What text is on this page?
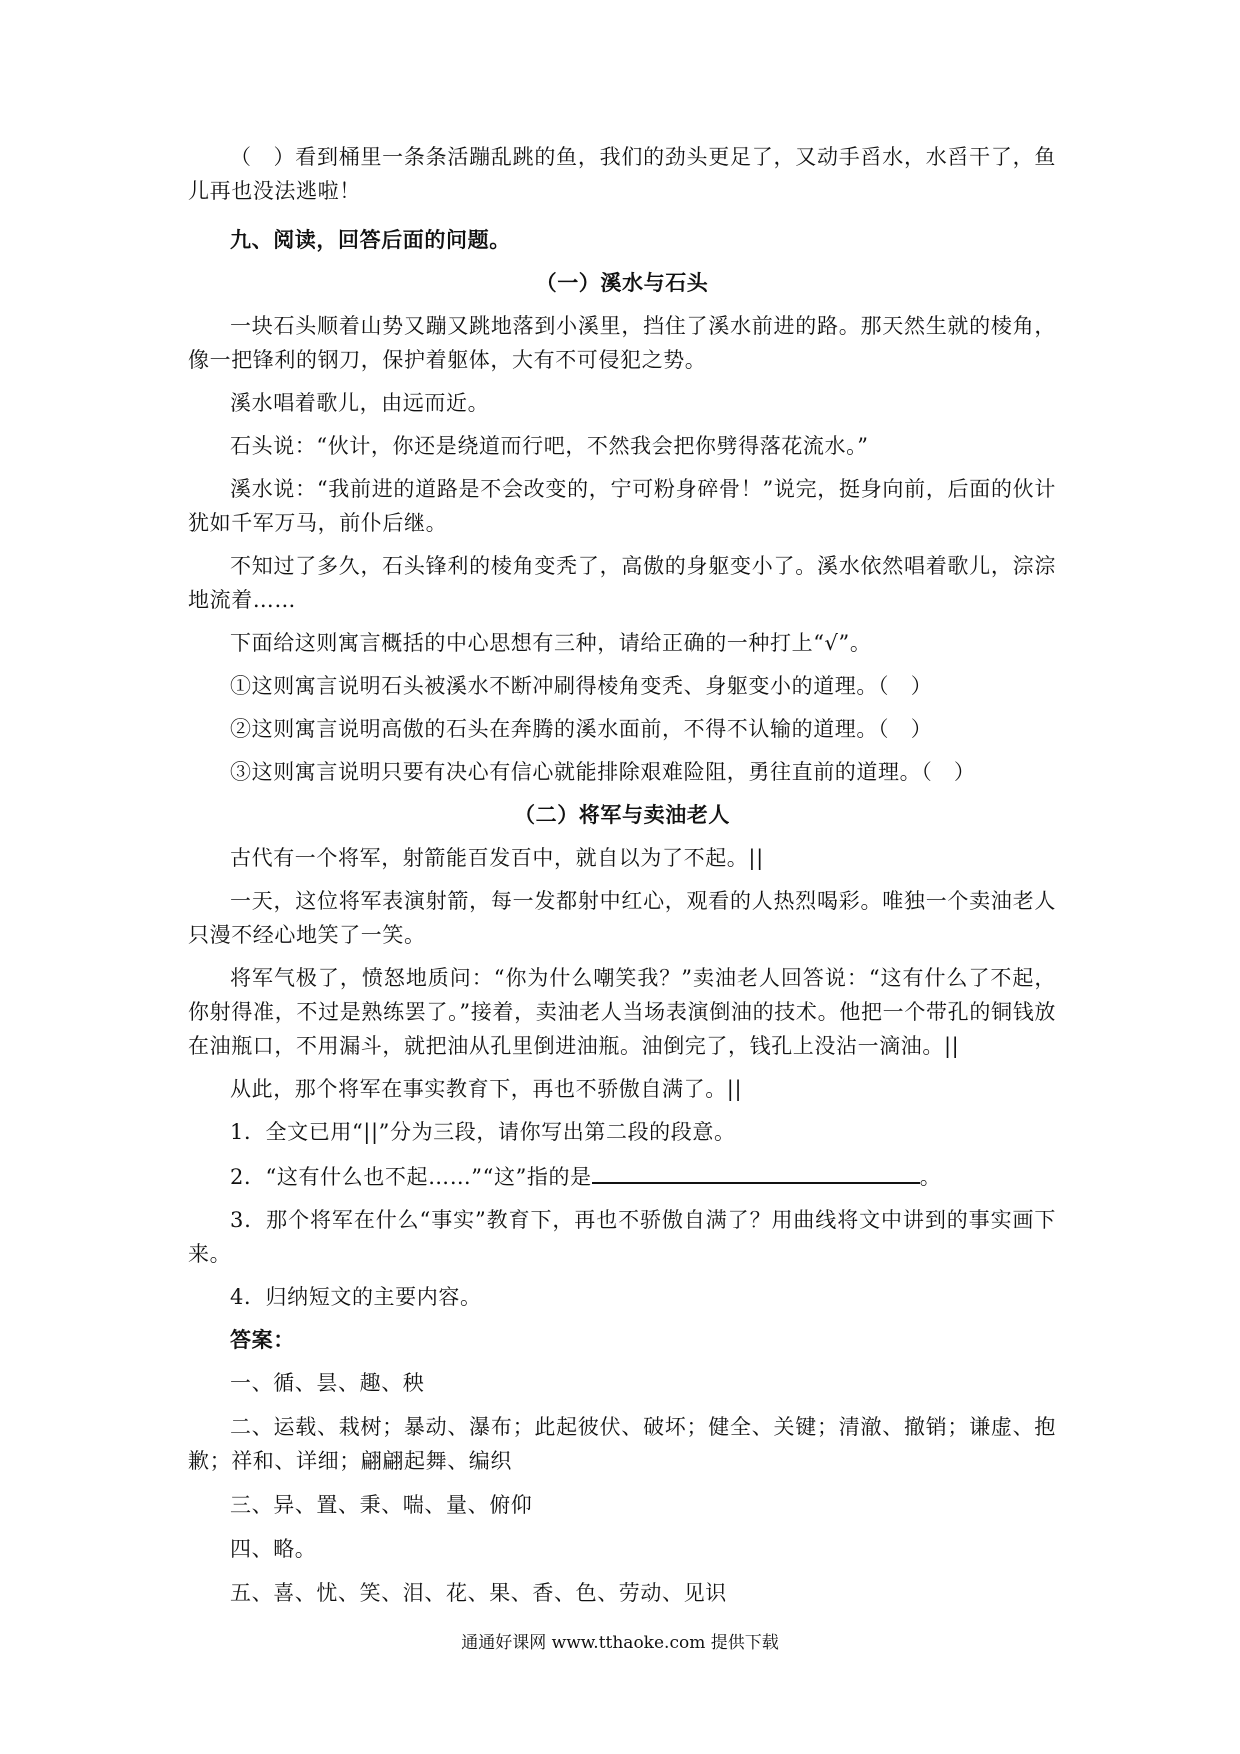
（　）看到桶里一条条活蹦乱跳的鱼，我们的劲头更足了，又动手舀水，水舀干了，鱼儿再也没法逃啦！

九、阅读，回答后面的问题。

（一）溪水与石头

一块石头顺着山势又蹦又跳地落到小溪里，挡住了溪水前进的路。那天然生就的棱角，像一把锋利的钢刀，保护着躯体，大有不可侵犯之势。

溪水唱着歌儿，由远而近。

石头说：“伙计，你还是绕道而行吧，不然我会把你劈得落花流水。”

溪水说：“我前进的道路是不会改变的，宁可粉身碎骨！”说完，挺身向前，后面的伙计犹如千军万马，前仆后继。

不知过了多久，石头锋利的棱角变秃了，高傲的身躯变小了。溪水依然唱着歌儿，淙淙地流着……

下面给这则寓言概括的中心思想有三种，请给正确的一种打上“√”。

①这则寓言说明石头被溪水不断冲刷得棱角变秃、身躯变小的道理。（　）

②这则寓言说明高傲的石头在奔腾的溪水面前，不得不认输的道理。（　）

③这则寓言说明只要有决心有信心就能排除艰难险阻，勇往直前的道理。（　）

（二）将军与卖油老人

古代有一个将军，射箭能百发百中，就自以为了不起。||

一天，这位将军表演射箭，每一发都射中红心，观看的人热烈喝彩。唯独一个卖油老人只漫不经心地笑了一笑。

将军气极了，愤怒地质问：“你为什么嘲笑我？”卖油老人回答说：“这有什么了不起，你射得准，不过是熟练罢了。”接着，卖油老人当场表演倒油的技术。他把一个带孔的铜钱放在油瓶口，不用漏斗，就把油从孔里倒进油瓶。油倒完了，钱孔上没沾一滴油。||

从此，那个将军在事实教育下，再也不骄傲自满了。||

1．全文已用“||”分为三段，请你写出第二段的段意。

2．“这有什么也不起……”“这”指的是	。

3．那个将军在什么“事实”教育下，再也不骄傲自满了？用曲线将文中讲到的事实画下来。

4．归纳短文的主要内容。

答案：

一、循、昙、趣、秧

二、运载、栽树；暴动、瀑布；此起彼伏、破坏；健全、关键；清澈、撤销；谦虚、抱歉；祥和、详细；翩翩起舞、编织

三、异、置、秉、喘、量、俯仰

四、略。

五、喜、忧、笑、泪、花、果、香、色、劳动、见识

通通好课网 www.tthaoke.com 提供下载
